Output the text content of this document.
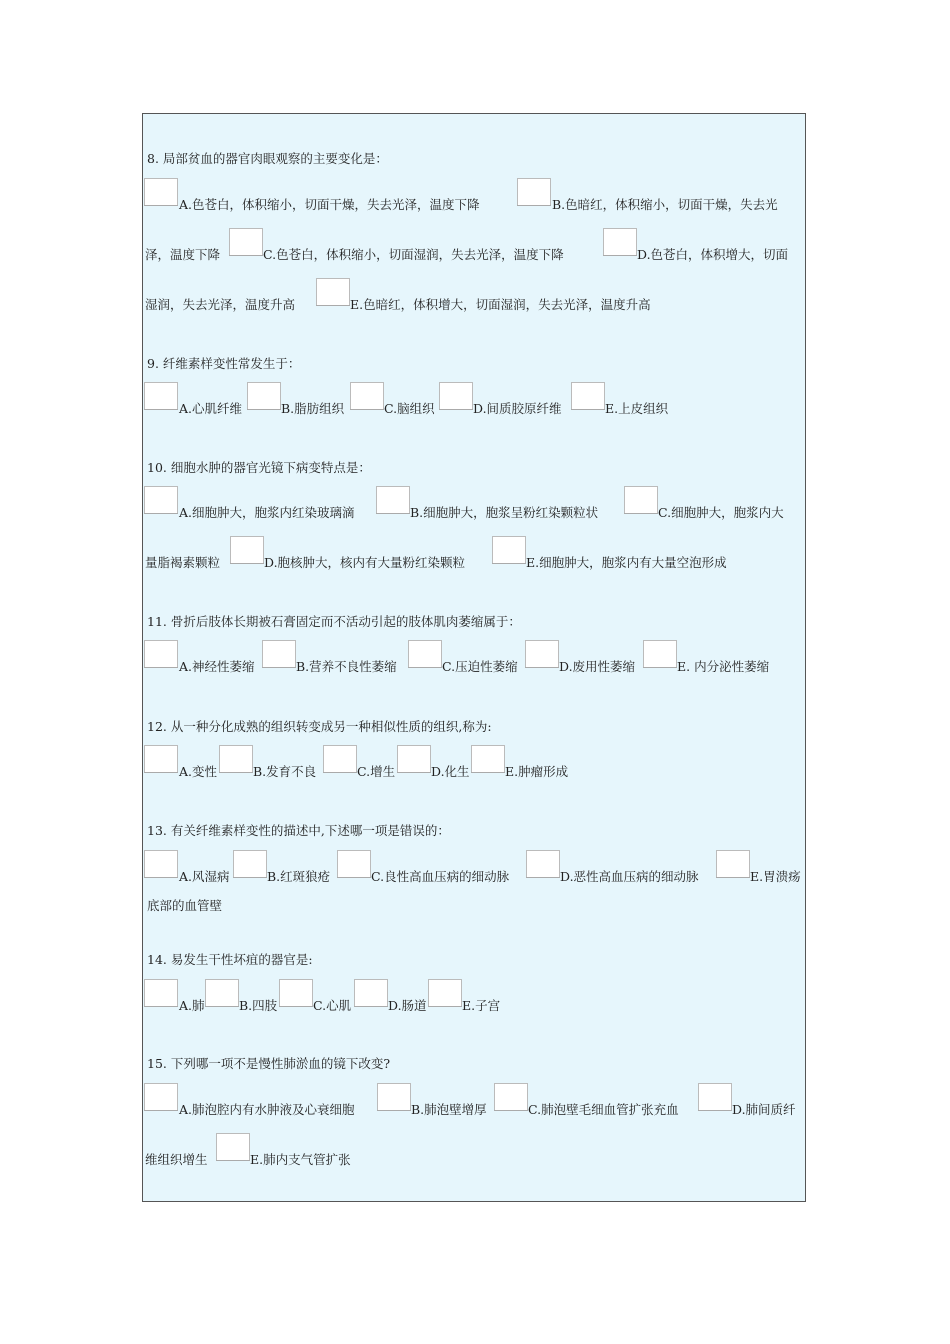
8. 局部贫血的器官肉眼观察的主要变化是：
A.色苍白，体积缩小，切面干燥，失去光泽，温度下降	B.色暗红，体积缩小，切面干燥，失去光
泽，温度下降	C.色苍白，体积缩小，切面湿润，失去光泽，温度下降	D.色苍白，体积增大，切面
湿润，失去光泽，温度升高	E.色暗红，体积增大，切面湿润，失去光泽，温度升高
9. 纤维素样变性常发生于：
A.心肌纤维	B.脂肪组织	C.脑组织	D.间质胶原纤维	E.上皮组织
10. 细胞水肿的器官光镜下病变特点是：
A.细胞肿大，胞浆内红染玻璃滴	B.细胞肿大，胞浆呈粉红染颗粒状	C.细胞肿大，胞浆内大
量脂褐素颗粒	D.胞核肿大，核内有大量粉红染颗粒	E.细胞肿大，胞浆内有大量空泡形成
11. 骨折后肢体长期被石膏固定而不活动引起的肢体肌肉萎缩属于：
A.神经性萎缩	B.营养不良性萎缩	C.压迫性萎缩	D.废用性萎缩	E. 内分泌性萎缩
12. 从一种分化成熟的组织转变成另一种相似性质的组织,称为:
A.变性	B.发育不良	C.增生	D.化生	E.肿瘤形成
13. 有关纤维素样变性的描述中,下述哪一项是错误的：
A.风湿病	B.红斑狼疮	C.良性高血压病的细动脉	D.恶性高血压病的细动脉	E.胃溃疡
底部的血管壁
14. 易发生干性坏疽的器官是:
A.肺	B.四肢	C.心肌	D.肠道	E.子宫
15. 下列哪一项不是慢性肺淤血的镜下改变?
A.肺泡腔内有水肿液及心衰细胞	B.肺泡壁增厚	C.肺泡壁毛细血管扩张充血	D.肺间质纤
维组织增生	E.肺内支气管扩张
